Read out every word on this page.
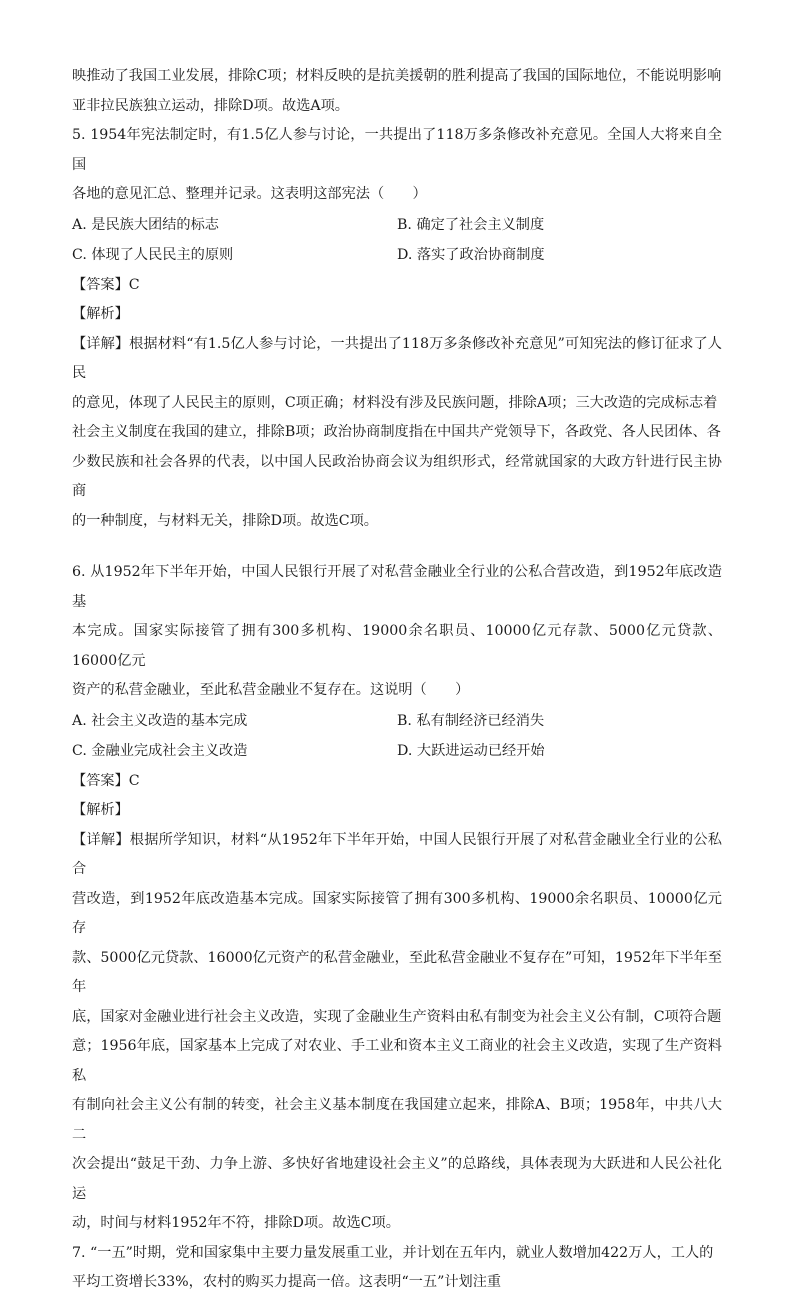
映推动了我国工业发展，排除C项；材料反映的是抗美援朝的胜利提高了我国的国际地位，不能说明影响

亚非拉民族独立运动，排除D项。故选A项。

5. 1954年宪法制定时，有1.5亿人参与讨论，一共提出了118万多条修改补充意见。全国人大将来自全国

各地的意见汇总、整理并记录。这表明这部宪法（　　）

A. 是民族大团结的标志	B. 确定了社会主义制度
C. 体现了人民民主的原则	D. 落实了政治协商制度

【答案】C

【解析】

【详解】根据材料“有1.5亿人参与讨论，一共提出了118万多条修改补充意见”可知宪法的修订征求了人民

的意见，体现了人民民主的原则，C项正确；材料没有涉及民族问题，排除A项；三大改造的完成标志着

社会主义制度在我国的建立，排除B项；政治协商制度指在中国共产党领导下，各政党、各人民团体、各

少数民族和社会各界的代表，以中国人民政治协商会议为组织形式，经常就国家的大政方针进行民主协商

的一种制度，与材料无关，排除D项。故选C项。

6. 从1952年下半年开始，中国人民银行开展了对私营金融业全行业的公私合营改造，到1952年底改造基

本完成。国家实际接管了拥有300多机构、19000余名职员、10000亿元存款、5000亿元贷款、16000亿元

资产的私营金融业，至此私营金融业不复存在。这说明（　　）

A. 社会主义改造的基本完成	B. 私有制经济已经消失
C. 金融业完成社会主义改造	D. 大跃进运动已经开始

【答案】C

【解析】

【详解】根据所学知识，材料“从1952年下半年开始，中国人民银行开展了对私营金融业全行业的公私合

营改造，到1952年底改造基本完成。国家实际接管了拥有300多机构、19000余名职员、10000亿元存

款、5000亿元贷款、16000亿元资产的私营金融业，至此私营金融业不复存在”可知，1952年下半年至年

底，国家对金融业进行社会主义改造，实现了金融业生产资料由私有制变为社会主义公有制，C项符合题

意；1956年底，国家基本上完成了对农业、手工业和资本主义工商业的社会主义改造，实现了生产资料私

有制向社会主义公有制的转变，社会主义基本制度在我国建立起来，排除A、B项；1958年，中共八大二

次会提出“鼓足干劲、力争上游、多快好省地建设社会主义”的总路线，具体表现为大跃进和人民公社化运

动，时间与材料1952年不符，排除D项。故选C项。

7. “一五”时期，党和国家集中主要力量发展重工业，并计划在五年内，就业人数增加422万人，工人的

平均工资增长33%，农村的购买力提高一倍。这表明“一五”计划注重
